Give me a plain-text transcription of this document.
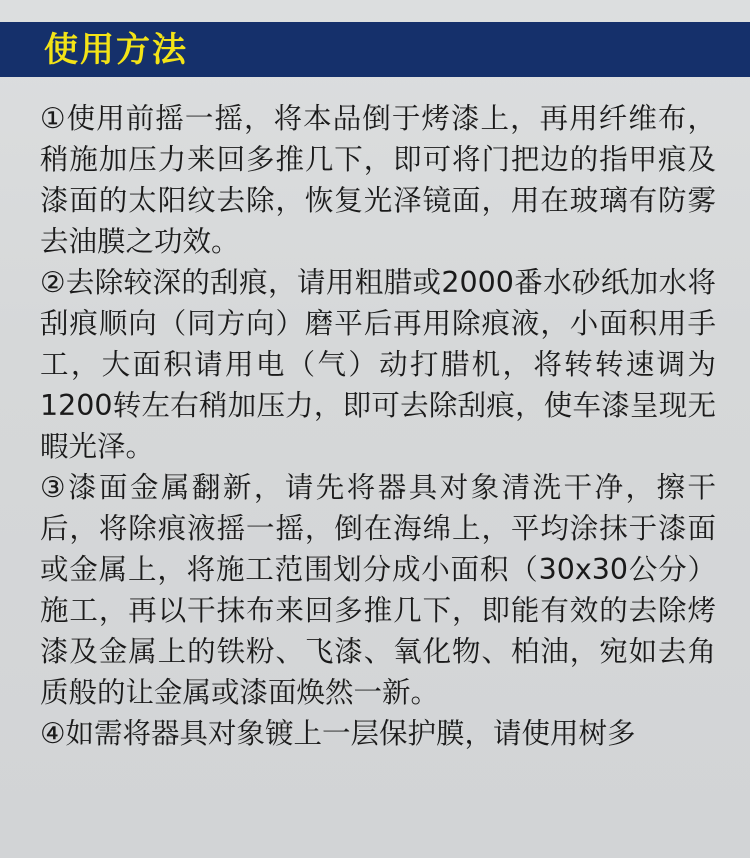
使用方法

①使用前摇一摇，将本品倒于烤漆上，再用纤维布，稍施加压力来回多推几下，即可将门把边的指甲痕及漆面的太阳纹去除，恢复光泽镜面，用在玻璃有防雾去油膜之功效。

②去除较深的刮痕，请用粗腊或2000番水砂纸加水将刮痕顺向（同方向）磨平后再用除痕液，小面积用手工，大面积请用电（气）动打腊机，将转转速调为1200转左右稍加压力，即可去除刮痕，使车漆呈现无暇光泽。

③漆面金属翻新，请先将器具对象清洗干净，擦干后，将除痕液摇一摇，倒在海绵上，平均涂抹于漆面或金属上，将施工范围划分成小面积（30x30公分）施工，再以干抹布来回多推几下，即能有效的去除烤漆及金属上的铁粉、飞漆、氧化物、柏油，宛如去角质般的让金属或漆面焕然一新。

④如需将器具对象镀上一层保护膜，请使用树多
